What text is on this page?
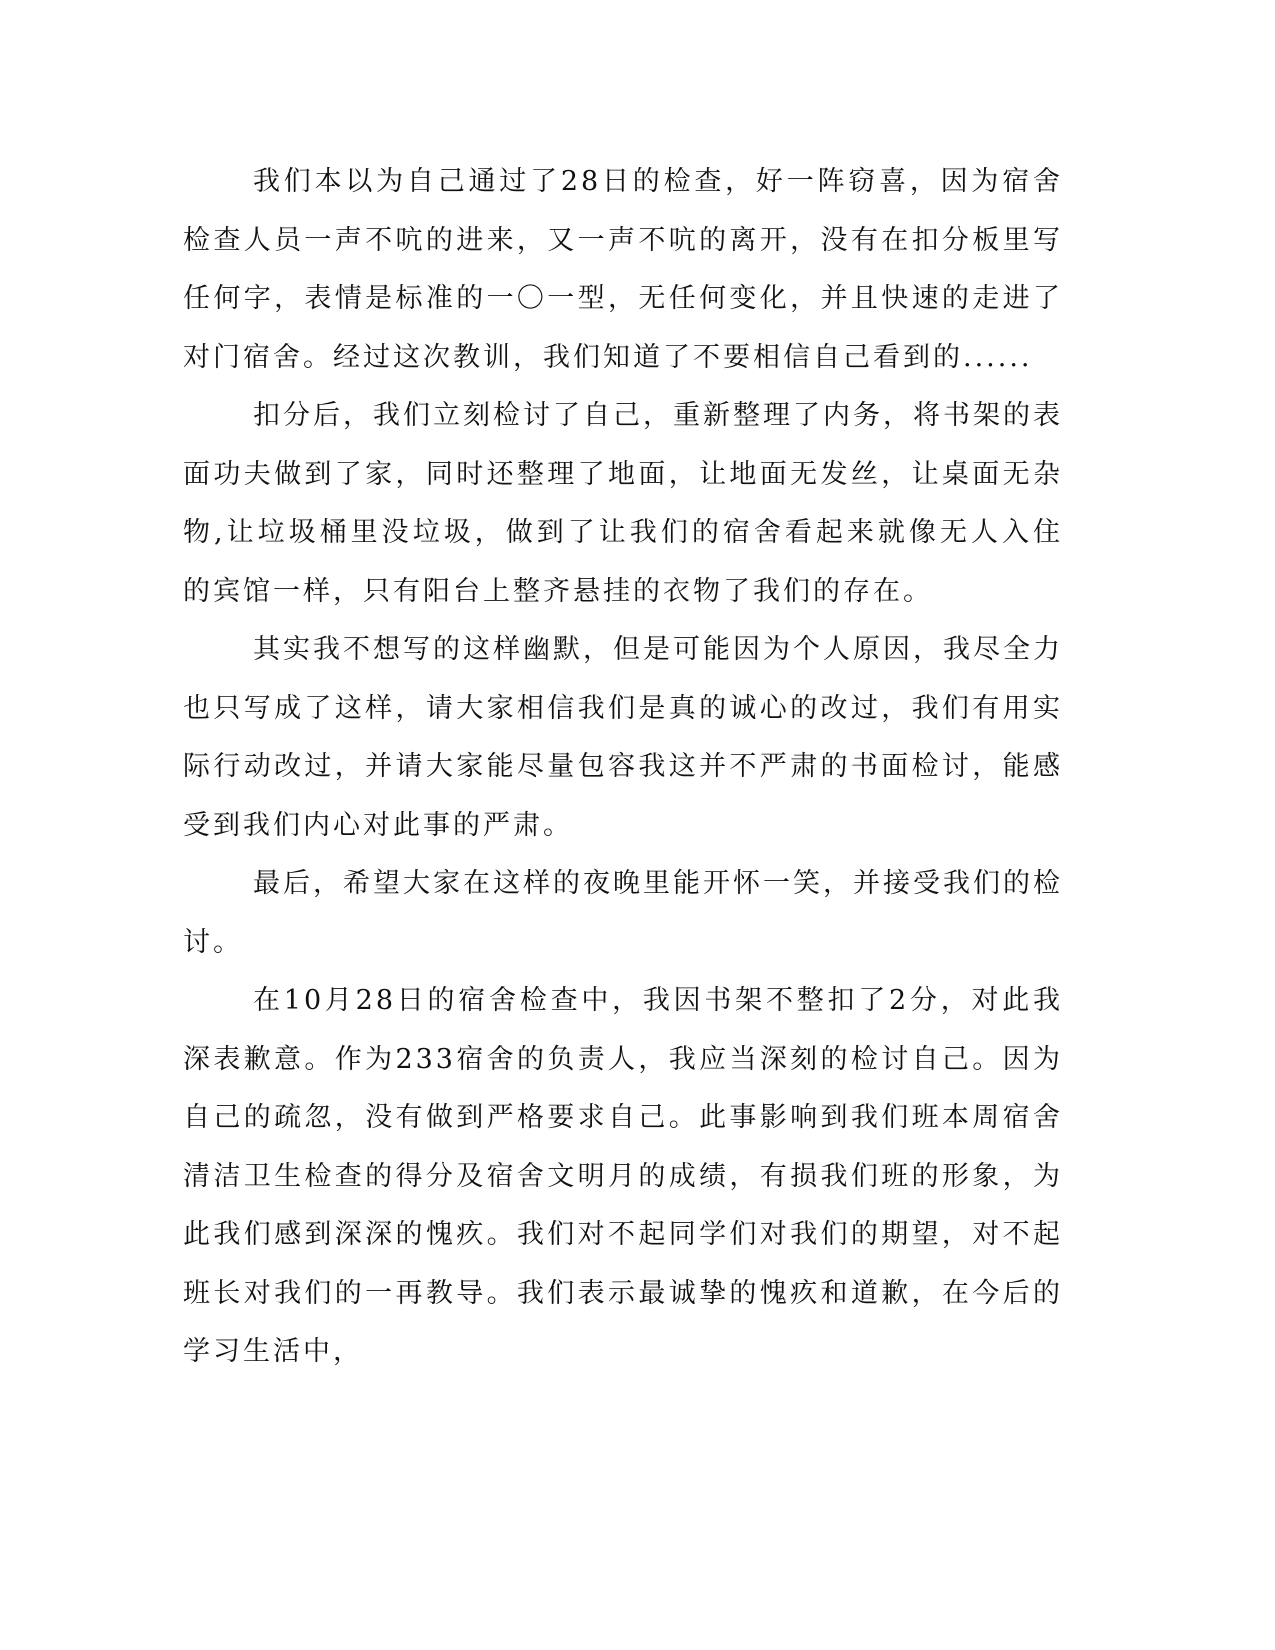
我们本以为自己通过了28日的检查，好一阵窃喜，因为宿舍检查人员一声不吭的进来，又一声不吭的离开，没有在扣分板里写任何字，表情是标准的一〇一型，无任何变化，并且快速的走进了对门宿舍。经过这次教训，我们知道了不要相信自己看到的......

扣分后，我们立刻检讨了自己，重新整理了内务，将书架的表面功夫做到了家，同时还整理了地面，让地面无发丝，让桌面无杂物,让垃圾桶里没垃圾，做到了让我们的宿舍看起来就像无人入住的宾馆一样，只有阳台上整齐悬挂的衣物了我们的存在。

其实我不想写的这样幽默，但是可能因为个人原因，我尽全力也只写成了这样，请大家相信我们是真的诚心的改过，我们有用实际行动改过，并请大家能尽量包容我这并不严肃的书面检讨，能感受到我们内心对此事的严肃。

最后，希望大家在这样的夜晚里能开怀一笑，并接受我们的检讨。

在10月28日的宿舍检查中，我因书架不整扣了2分，对此我深表歉意。作为233宿舍的负责人，我应当深刻的检讨自己。因为自己的疏忽，没有做到严格要求自己。此事影响到我们班本周宿舍清洁卫生检查的得分及宿舍文明月的成绩，有损我们班的形象，为此我们感到深深的愧疚。我们对不起同学们对我们的期望，对不起班长对我们的一再教导。我们表示最诚挚的愧疚和道歉，在今后的学习生活中，
